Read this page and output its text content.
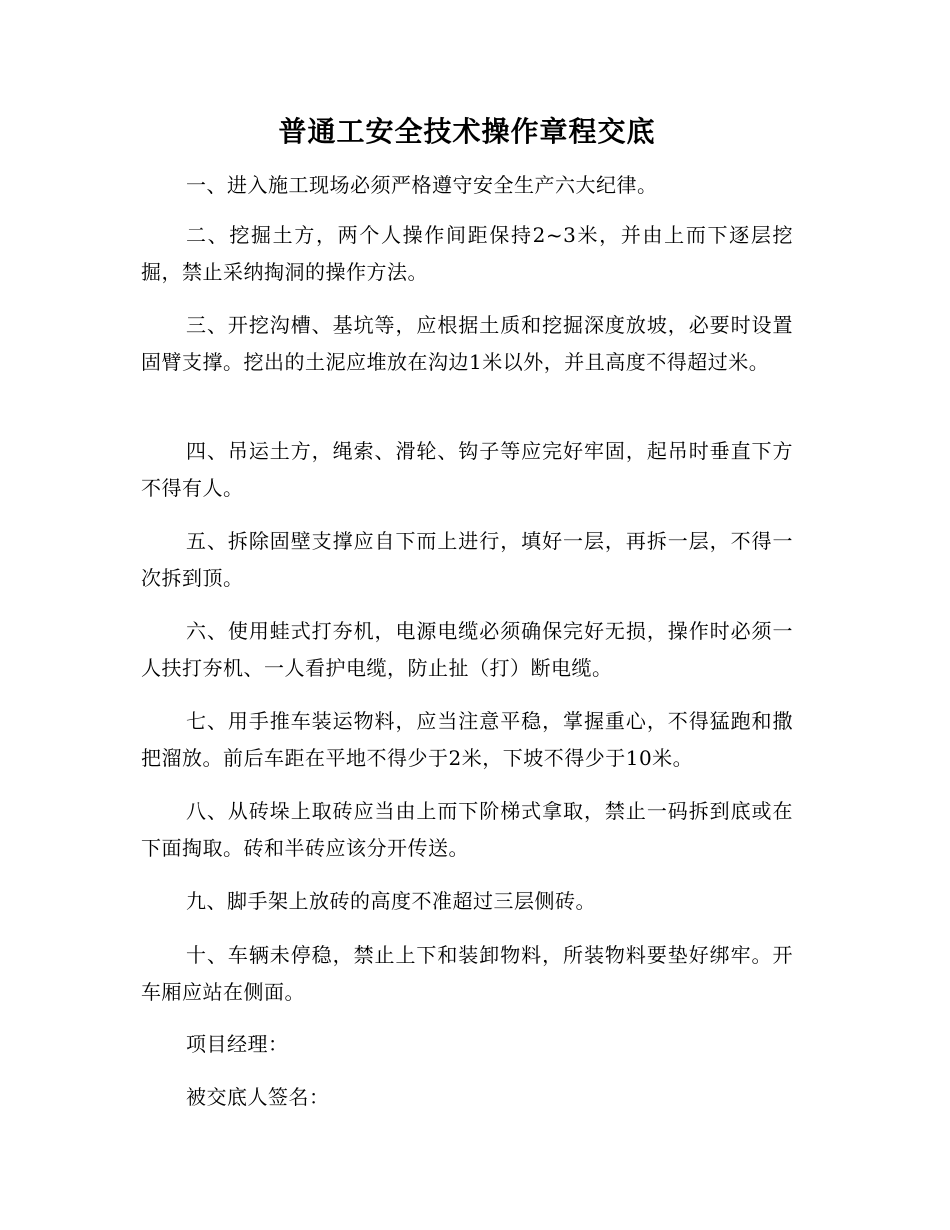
普通工安全技术操作章程交底

一、进入施工现场必须严格遵守安全生产六大纪律。

二、挖掘土方，两个人操作间距保持2~3米，并由上而下逐层挖掘，禁止采纳掏洞的操作方法。

三、开挖沟槽、基坑等，应根据土质和挖掘深度放坡，必要时设置固臂支撑。挖出的土泥应堆放在沟边1米以外，并且高度不得超过米。

四、吊运土方，绳索、滑轮、钩子等应完好牢固，起吊时垂直下方不得有人。

五、拆除固壁支撑应自下而上进行，填好一层，再拆一层，不得一次拆到顶。

六、使用蛙式打夯机，电源电缆必须确保完好无损，操作时必须一人扶打夯机、一人看护电缆，防止扯（打）断电缆。

七、用手推车装运物料，应当注意平稳，掌握重心，不得猛跑和撒把溜放。前后车距在平地不得少于2米，下坡不得少于10米。

八、从砖垛上取砖应当由上而下阶梯式拿取，禁止一码拆到底或在下面掏取。砖和半砖应该分开传送。

九、脚手架上放砖的高度不准超过三层侧砖。

十、车辆未停稳，禁止上下和装卸物料，所装物料要垫好绑牢。开车厢应站在侧面。

项目经理：
被交底人签名：
